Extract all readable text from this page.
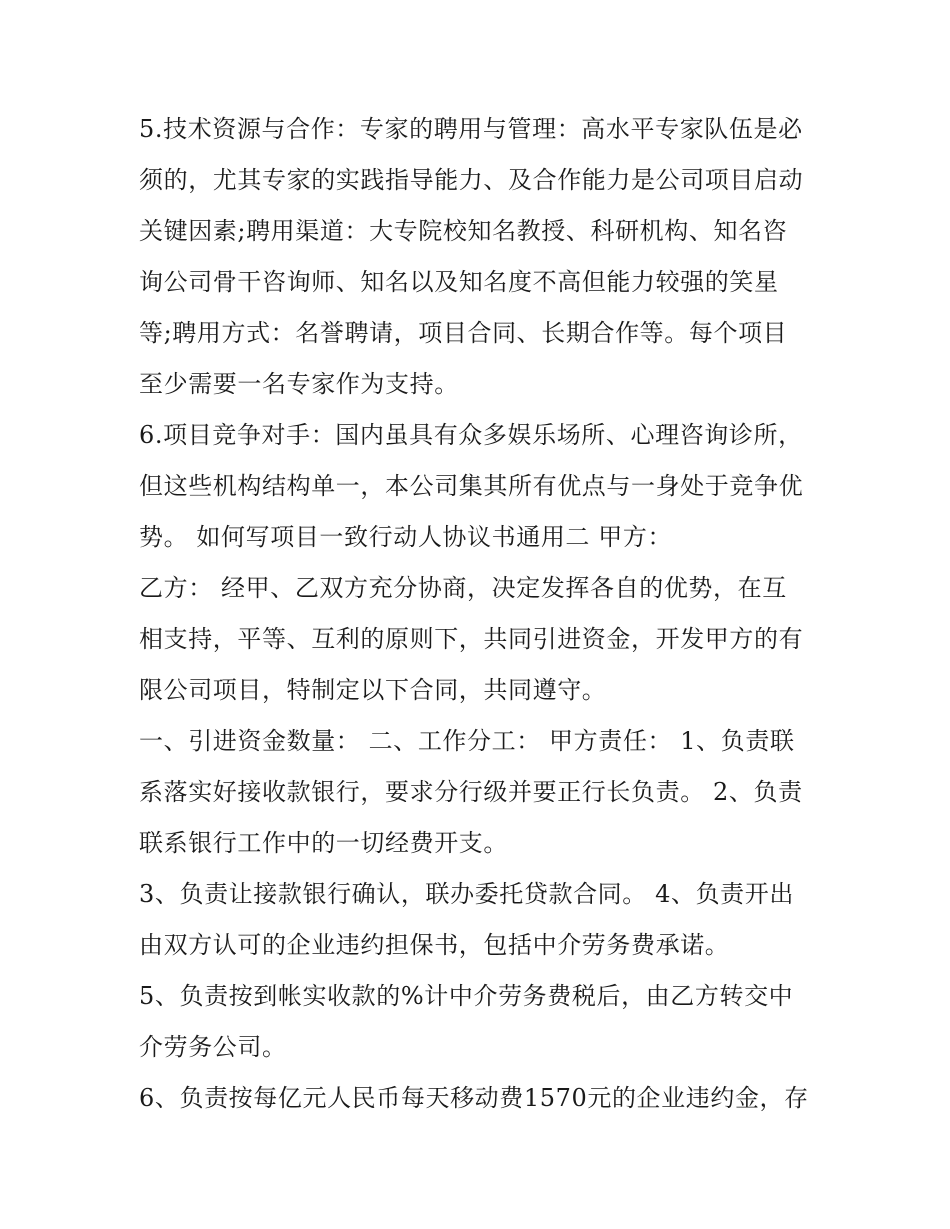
5.技术资源与合作：专家的聘用与管理：高水平专家队伍是必

须的，尤其专家的实践指导能力、及合作能力是公司项目启动

关键因素;聘用渠道：大专院校知名教授、科研机构、知名咨

询公司骨干咨询师、知名以及知名度不高但能力较强的笑星

等;聘用方式：名誉聘请，项目合同、长期合作等。每个项目

至少需要一名专家作为支持。

6.项目竞争对手：国内虽具有众多娱乐场所、心理咨询诊所，

但这些机构结构单一，本公司集其所有优点与一身处于竞争优

势。 如何写项目一致行动人协议书通用二 甲方：

乙方： 经甲、乙双方充分协商，决定发挥各自的优势，在互

相支持，平等、互利的原则下，共同引进资金，开发甲方的有

限公司项目，特制定以下合同，共同遵守。

一、引进资金数量： 二、工作分工： 甲方责任： 1、负责联

系落实好接收款银行，要求分行级并要正行长负责。 2、负责

联系银行工作中的一切经费开支。

3、负责让接款银行确认，联办委托贷款合同。 4、负责开出

由双方认可的企业违约担保书，包括中介劳务费承诺。

5、负责按到帐实收款的%计中介劳务费税后，由乙方转交中

介劳务公司。

6、负责按每亿元人民币每天移动费1570元的企业违约金，存
